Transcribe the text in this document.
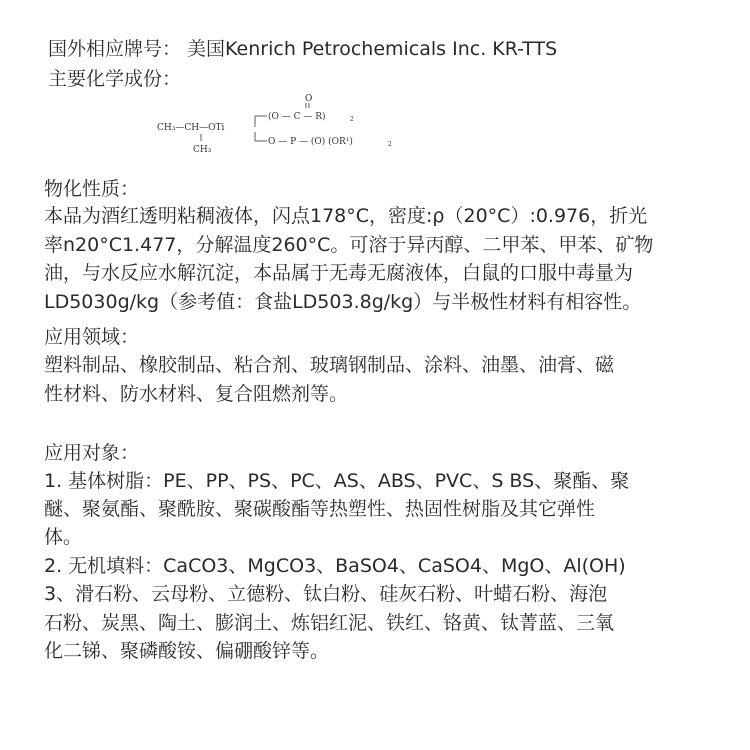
国外相应牌号： 美国Kenrich Petrochemicals Inc. KR-TTS
主要化学成份：
O
(O — C — R)	2
CH₃—CH—OTi
CH₃
O — P — (O) (OR¹)	2
物化性质：
本品为酒红透明粘稠液体，闪点178°C，密度:ρ（20°C）:0.976，折光
率n20°C1.477，分解温度260°C。可溶于异丙醇、二甲苯、甲苯、矿物
油，与水反应水解沉淀，本品属于无毒无腐液体，白鼠的口服中毒量为
LD5030g/kg（参考值：食盐LD503.8g/kg）与半极性材料有相容性。
应用领域：
塑料制品、橡胶制品、粘合剂、玻璃钢制品、涂料、油墨、油膏、磁
性材料、防水材料、复合阻燃剂等。
应用对象：
1. 基体树脂：PE、PP、PS、PC、AS、ABS、PVC、S BS、聚酯、聚
醚、聚氨酯、聚酰胺、聚碳酸酯等热塑性、热固性树脂及其它弹性
体。
2. 无机填料：CaCO3、MgCO3、BaSO4、CaSO4、MgO、Al(OH)
3、滑石粉、云母粉、立德粉、钛白粉、硅灰石粉、叶蜡石粉、海泡
石粉、炭黑、陶土、膨润土、炼铝红泥、铁红、铬黄、钛菁蓝、三氧
化二锑、聚磷酸铵、偏硼酸锌等。
